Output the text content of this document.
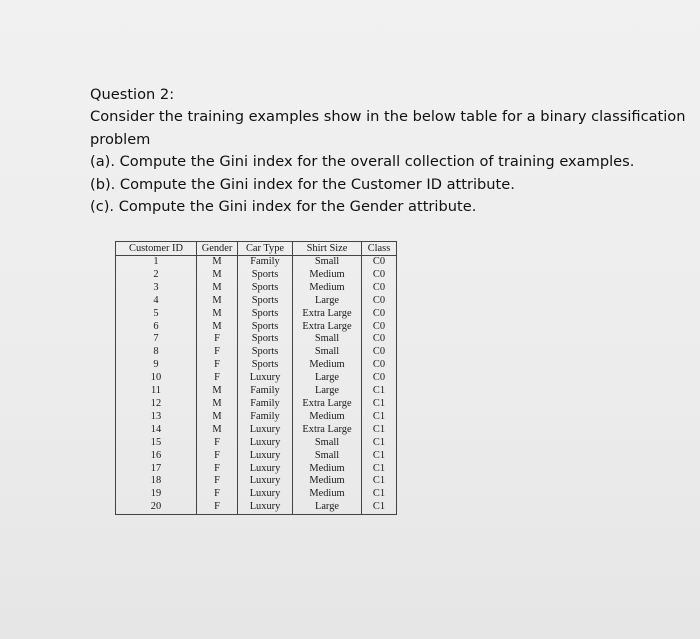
Question 2:
Consider the training examples show in the below table for a binary classification
problem
(a). Compute the Gini index for the overall collection of training examples.
(b). Compute the Gini index for the Customer ID attribute.
(c). Compute the Gini index for the Gender attribute.
Customer ID	Gender	Car Type	Shirt Size	Class
1	M	Family	Small	C0
2	M	Sports	Medium	C0
3	M	Sports	Medium	C0
4	M	Sports	Large	C0
5	M	Sports	Extra Large	C0
6	M	Sports	Extra Large	C0
7	F	Sports	Small	C0
8	F	Sports	Small	C0
9	F	Sports	Medium	C0
10	F	Luxury	Large	C0
11	M	Family	Large	C1
12	M	Family	Extra Large	C1
13	M	Family	Medium	C1
14	M	Luxury	Extra Large	C1
15	F	Luxury	Small	C1
16	F	Luxury	Small	C1
17	F	Luxury	Medium	C1
18	F	Luxury	Medium	C1
19	F	Luxury	Medium	C1
20	F	Luxury	Large	C1
